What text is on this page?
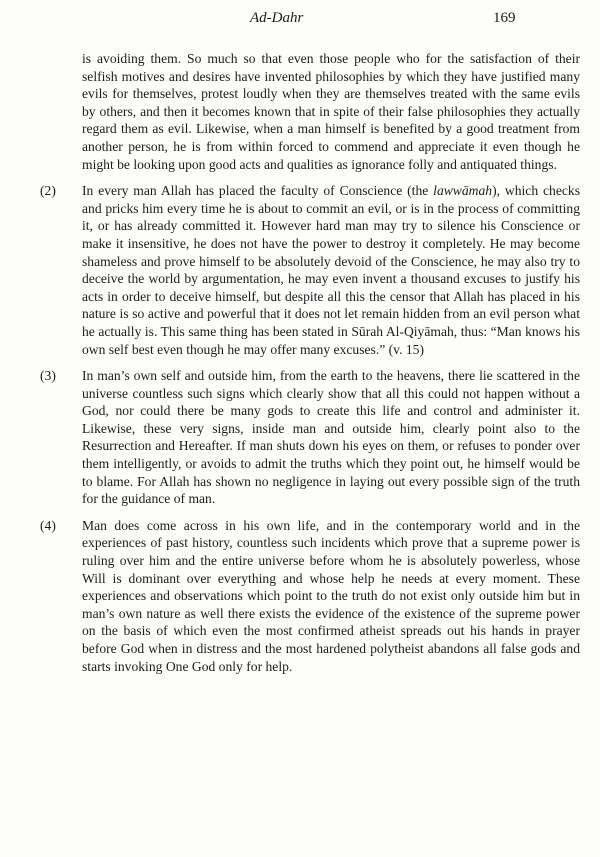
Ad-Dahr	169
is avoiding them. So much so that even those people who for the satisfaction of their selfish motives and desires have invented philosophies by which they have justified many evils for themselves, protest loudly when they are themselves treated with the same evils by others, and then it becomes known that in spite of their false philosophies they actually regard them as evil. Likewise, when a man himself is benefited by a good treatment from another person, he is from within forced to commend and appreciate it even though he might be looking upon good acts and qualities as ignorance folly and antiquated things.
(2)	In every man Allah has placed the faculty of Conscience (the lawwāmah), which checks and pricks him every time he is about to commit an evil, or is in the process of committing it, or has already committed it. However hard man may try to silence his Conscience or make it insensitive, he does not have the power to destroy it completely. He may become shameless and prove himself to be absolutely devoid of the Conscience, he may also try to deceive the world by argumentation, he may even invent a thousand excuses to justify his acts in order to deceive himself, but despite all this the censor that Allah has placed in his nature is so active and powerful that it does not let remain hidden from an evil person what he actually is. This same thing has been stated in Sūrah Al-Qiyāmah, thus: “Man knows his own self best even though he may offer many excuses.” (v. 15)
(3)	In man’s own self and outside him, from the earth to the heavens, there lie scattered in the universe countless such signs which clearly show that all this could not happen without a God, nor could there be many gods to create this life and control and administer it. Likewise, these very signs, inside man and outside him, clearly point also to the Resurrection and Hereafter. If man shuts down his eyes on them, or refuses to ponder over them intelligently, or avoids to admit the truths which they point out, he himself would be to blame. For Allah has shown no negligence in laying out every possible sign of the truth for the guidance of man.
(4)	Man does come across in his own life, and in the contemporary world and in the experiences of past history, countless such incidents which prove that a supreme power is ruling over him and the entire universe before whom he is absolutely powerless, whose Will is dominant over everything and whose help he needs at every moment. These experiences and observations which point to the truth do not exist only outside him but in man’s own nature as well there exists the evidence of the existence of the supreme power on the basis of which even the most confirmed atheist spreads out his hands in prayer before God when in distress and the most hardened polytheist abandons all false gods and starts invoking One God only for help.
